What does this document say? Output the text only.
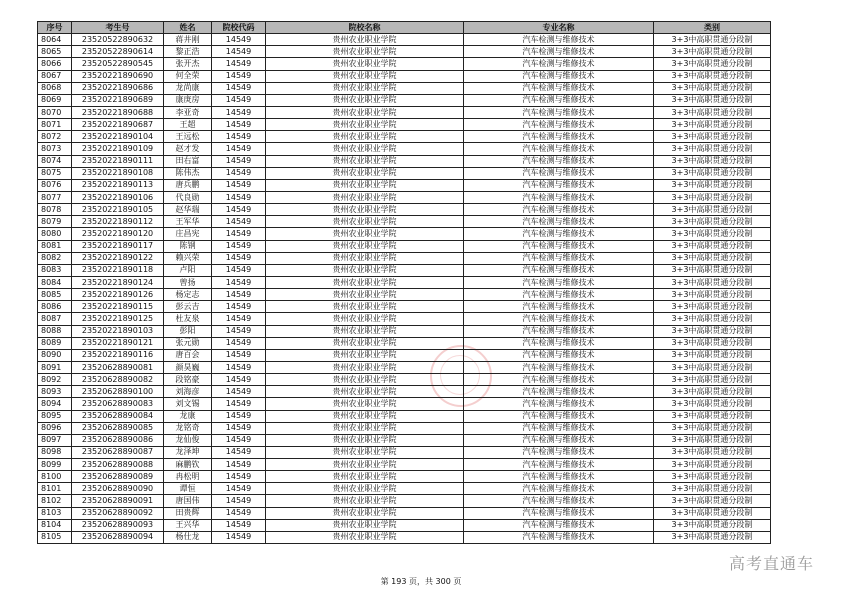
序号	考生号	姓名	院校代码	院校名称	专业名称	类别
8064	23520522890632	蒋井刚	14549	贵州农业职业学院	汽车检测与维修技术	3+3中高职贯通分段制
8065	23520522890614	黎正浩	14549	贵州农业职业学院	汽车检测与维修技术	3+3中高职贯通分段制
8066	23520522890545	张开杰	14549	贵州农业职业学院	汽车检测与维修技术	3+3中高职贯通分段制
8067	23520221890690	何全荣	14549	贵州农业职业学院	汽车检测与维修技术	3+3中高职贯通分段制
8068	23520221890686	龙尚康	14549	贵州农业职业学院	汽车检测与维修技术	3+3中高职贯通分段制
8069	23520221890689	康庚房	14549	贵州农业职业学院	汽车检测与维修技术	3+3中高职贯通分段制
8070	23520221890688	李亚奇	14549	贵州农业职业学院	汽车检测与维修技术	3+3中高职贯通分段制
8071	23520221890687	王超	14549	贵州农业职业学院	汽车检测与维修技术	3+3中高职贯通分段制
8072	23520221890104	王远松	14549	贵州农业职业学院	汽车检测与维修技术	3+3中高职贯通分段制
8073	23520221890109	赵才发	14549	贵州农业职业学院	汽车检测与维修技术	3+3中高职贯通分段制
8074	23520221890111	田右富	14549	贵州农业职业学院	汽车检测与维修技术	3+3中高职贯通分段制
8075	23520221890108	陈伟杰	14549	贵州农业职业学院	汽车检测与维修技术	3+3中高职贯通分段制
8076	23520221890113	唐兵鹏	14549	贵州农业职业学院	汽车检测与维修技术	3+3中高职贯通分段制
8077	23520221890106	代良勋	14549	贵州农业职业学院	汽车检测与维修技术	3+3中高职贯通分段制
8078	23520221890105	赵华瑞	14549	贵州农业职业学院	汽车检测与维修技术	3+3中高职贯通分段制
8079	23520221890112	王军华	14549	贵州农业职业学院	汽车检测与维修技术	3+3中高职贯通分段制
8080	23520221890120	庄昌宪	14549	贵州农业职业学院	汽车检测与维修技术	3+3中高职贯通分段制
8081	23520221890117	陈钢	14549	贵州农业职业学院	汽车检测与维修技术	3+3中高职贯通分段制
8082	23520221890122	赖兴荣	14549	贵州农业职业学院	汽车检测与维修技术	3+3中高职贯通分段制
8083	23520221890118	卢阳	14549	贵州农业职业学院	汽车检测与维修技术	3+3中高职贯通分段制
8084	23520221890124	曾扬	14549	贵州农业职业学院	汽车检测与维修技术	3+3中高职贯通分段制
8085	23520221890126	杨定志	14549	贵州农业职业学院	汽车检测与维修技术	3+3中高职贯通分段制
8086	23520221890115	彭云吉	14549	贵州农业职业学院	汽车检测与维修技术	3+3中高职贯通分段制
8087	23520221890125	杜友泉	14549	贵州农业职业学院	汽车检测与维修技术	3+3中高职贯通分段制
8088	23520221890103	彭阳	14549	贵州农业职业学院	汽车检测与维修技术	3+3中高职贯通分段制
8089	23520221890121	张元勋	14549	贵州农业职业学院	汽车检测与维修技术	3+3中高职贯通分段制
8090	23520221890116	唐百会	14549	贵州农业职业学院	汽车检测与维修技术	3+3中高职贯通分段制
8091	23520628890081	颜昊巍	14549	贵州农业职业学院	汽车检测与维修技术	3+3中高职贯通分段制
8092	23520628890082	段铭豪	14549	贵州农业职业学院	汽车检测与维修技术	3+3中高职贯通分段制
8093	23520628890100	刘海彦	14549	贵州农业职业学院	汽车检测与维修技术	3+3中高职贯通分段制
8094	23520628890083	刘文锡	14549	贵州农业职业学院	汽车检测与维修技术	3+3中高职贯通分段制
8095	23520628890084	龙康	14549	贵州农业职业学院	汽车检测与维修技术	3+3中高职贯通分段制
8096	23520628890085	龙铭奇	14549	贵州农业职业学院	汽车检测与维修技术	3+3中高职贯通分段制
8097	23520628890086	龙仙俊	14549	贵州农业职业学院	汽车检测与维修技术	3+3中高职贯通分段制
8098	23520628890087	龙泽坤	14549	贵州农业职业学院	汽车检测与维修技术	3+3中高职贯通分段制
8099	23520628890088	麻鹏钦	14549	贵州农业职业学院	汽车检测与维修技术	3+3中高职贯通分段制
8100	23520628890089	冉松明	14549	贵州农业职业学院	汽车检测与维修技术	3+3中高职贯通分段制
8101	23520628890090	谭恒	14549	贵州农业职业学院	汽车检测与维修技术	3+3中高职贯通分段制
8102	23520628890091	唐国伟	14549	贵州农业职业学院	汽车检测与维修技术	3+3中高职贯通分段制
8103	23520628890092	田贵辉	14549	贵州农业职业学院	汽车检测与维修技术	3+3中高职贯通分段制
8104	23520628890093	王兴华	14549	贵州农业职业学院	汽车检测与维修技术	3+3中高职贯通分段制
8105	23520628890094	杨仕龙	14549	贵州农业职业学院	汽车检测与维修技术	3+3中高职贯通分段制
第 193 页，共 300 页
高考直通车
